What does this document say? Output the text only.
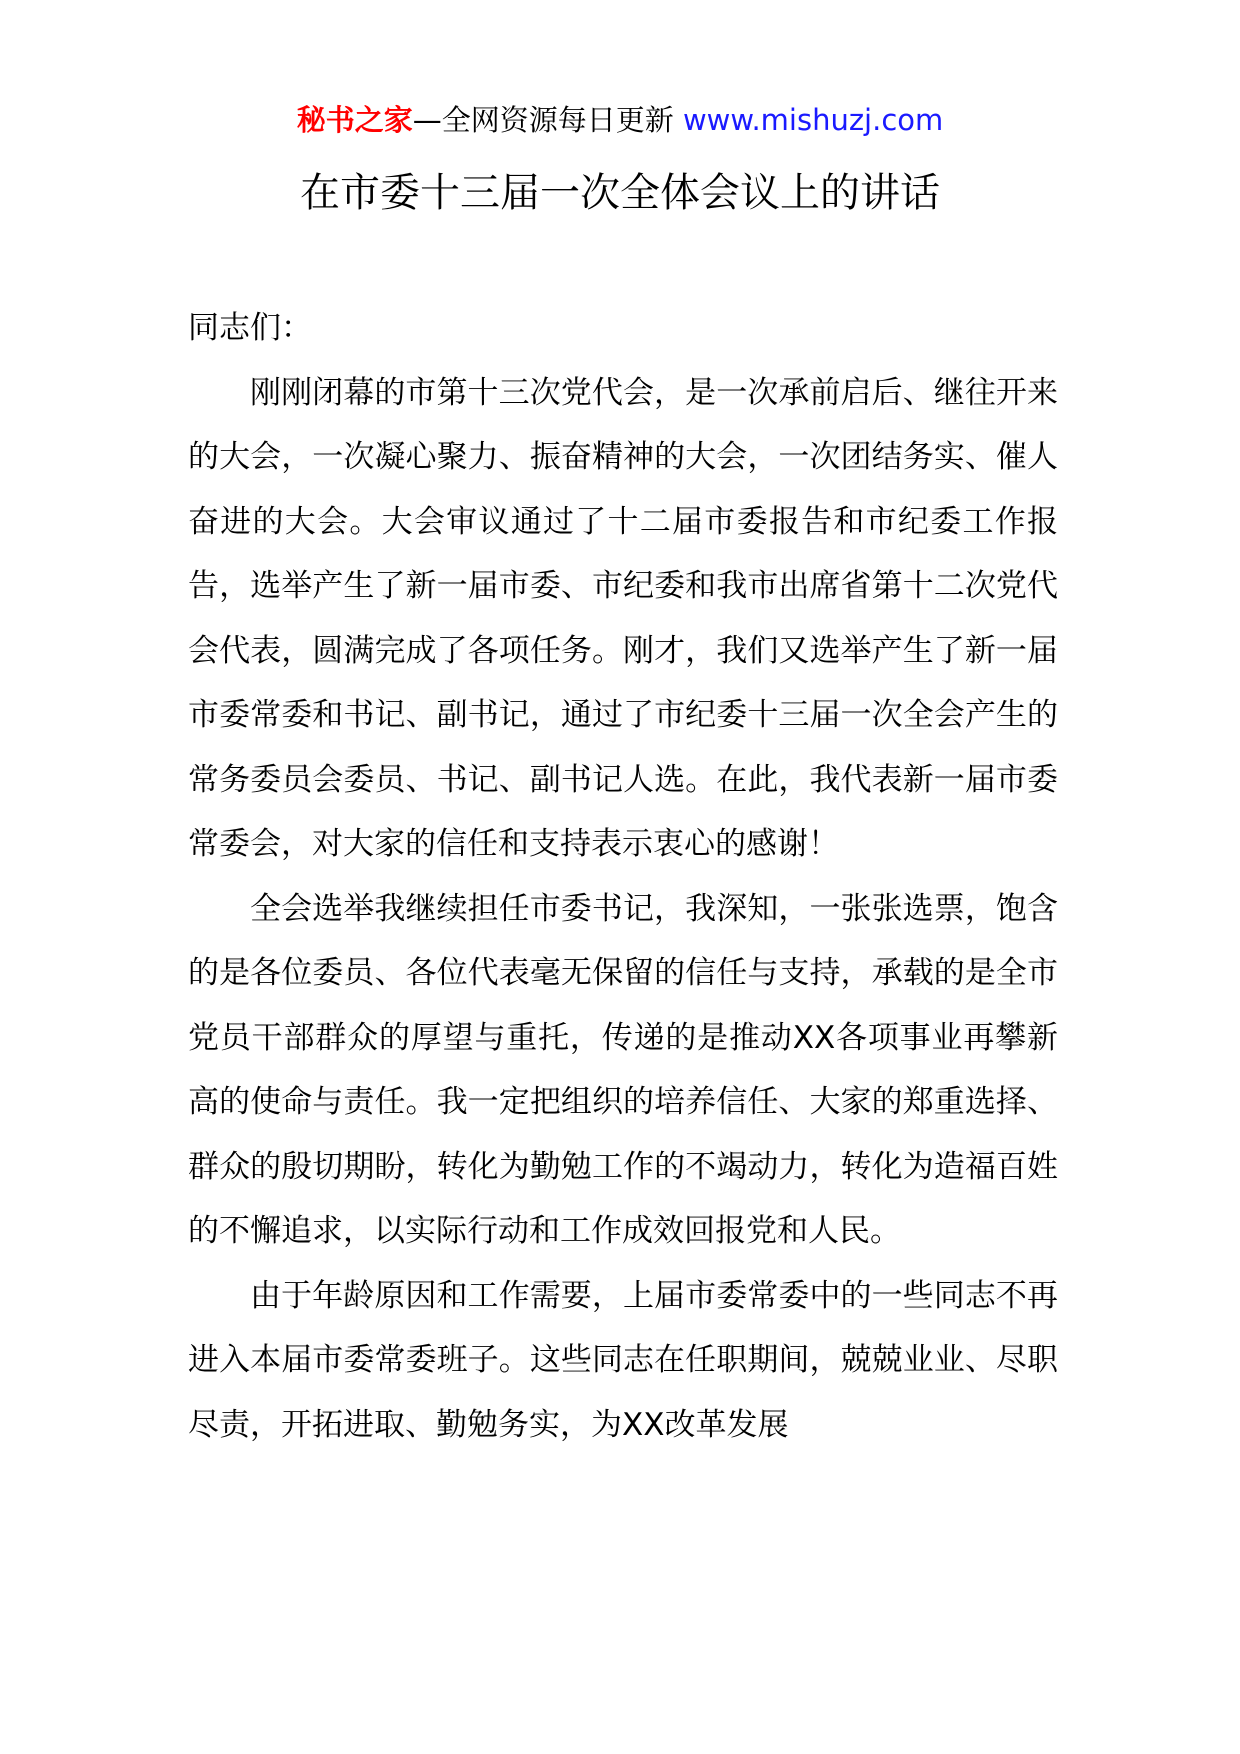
秘书之家—全网资源每日更新 www.mishuzj.com
在市委十三届一次全体会议上的讲话

同志们：

刚刚闭幕的市第十三次党代会，是一次承前启后、继往开来的大会，一次凝心聚力、振奋精神的大会，一次团结务实、催人奋进的大会。大会审议通过了十二届市委报告和市纪委工作报告，选举产生了新一届市委、市纪委和我市出席省第十二次党代会代表，圆满完成了各项任务。刚才，我们又选举产生了新一届市委常委和书记、副书记，通过了市纪委十三届一次全会产生的常务委员会委员、书记、副书记人选。在此，我代表新一届市委常委会，对大家的信任和支持表示衷心的感谢！

全会选举我继续担任市委书记，我深知，一张张选票，饱含的是各位委员、各位代表毫无保留的信任与支持，承载的是全市党员干部群众的厚望与重托，传递的是推动XX各项事业再攀新高的使命与责任。我一定把组织的培养信任、大家的郑重选择、群众的殷切期盼，转化为勤勉工作的不竭动力，转化为造福百姓的不懈追求，以实际行动和工作成效回报党和人民。

由于年龄原因和工作需要，上届市委常委中的一些同志不再进入本届市委常委班子。这些同志在任职期间，兢兢业业、尽职尽责，开拓进取、勤勉务实，为XX改革发展
